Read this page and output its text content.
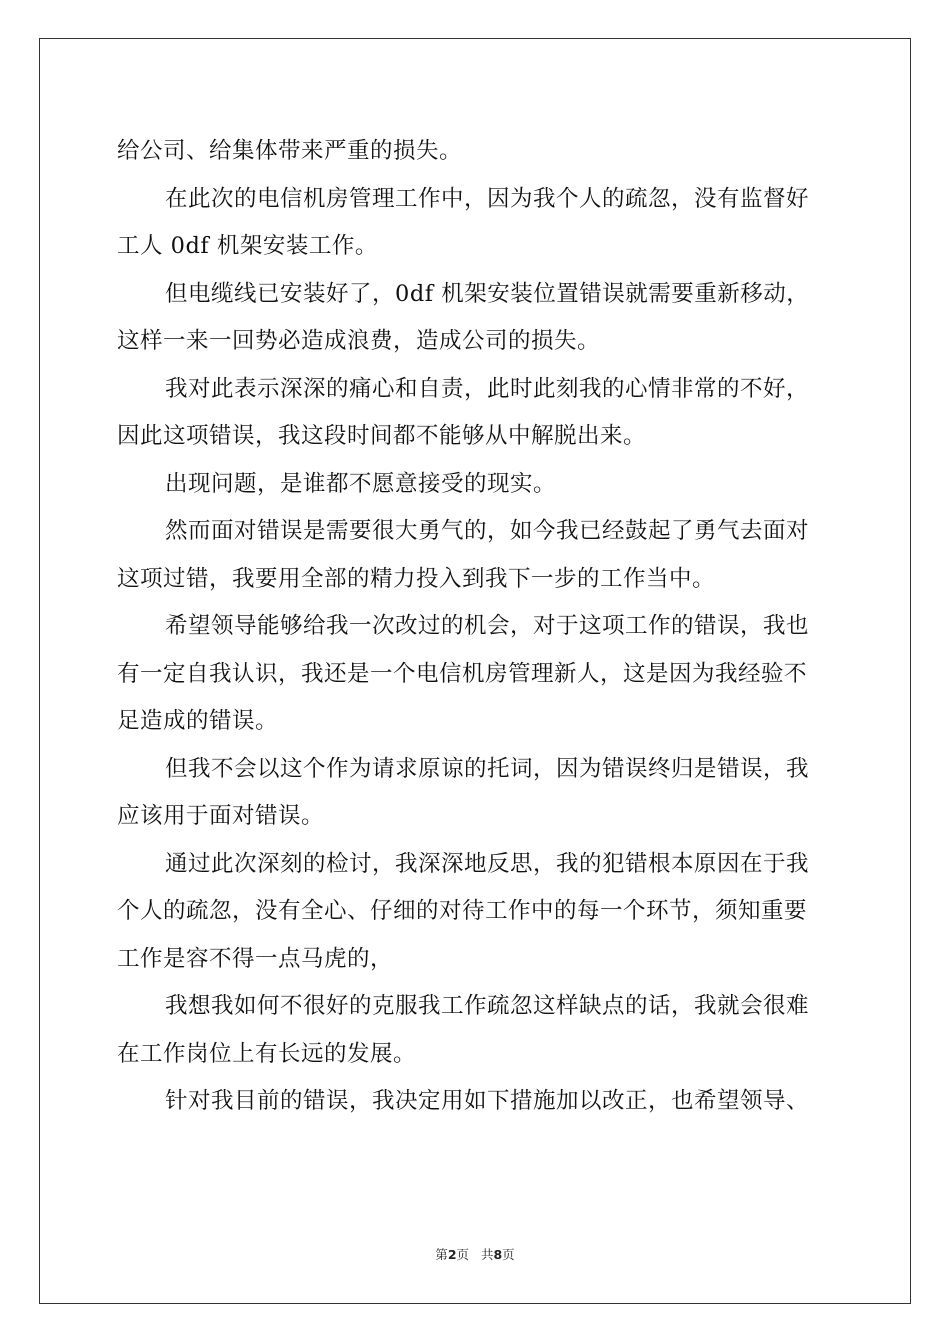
给公司、给集体带来严重的损失。
在此次的电信机房管理工作中，因为我个人的疏忽，没有监督好
工人 0df 机架安装工作。
但电缆线已安装好了，0df 机架安装位置错误就需要重新移动，
这样一来一回势必造成浪费，造成公司的损失。
我对此表示深深的痛心和自责，此时此刻我的心情非常的不好，
因此这项错误，我这段时间都不能够从中解脱出来。
出现问题，是谁都不愿意接受的现实。
然而面对错误是需要很大勇气的，如今我已经鼓起了勇气去面对
这项过错，我要用全部的精力投入到我下一步的工作当中。
希望领导能够给我一次改过的机会，对于这项工作的错误，我也
有一定自我认识，我还是一个电信机房管理新人，这是因为我经验不
足造成的错误。
但我不会以这个作为请求原谅的托词，因为错误终归是错误，我
应该用于面对错误。
通过此次深刻的检讨，我深深地反思，我的犯错根本原因在于我
个人的疏忽，没有全心、仔细的对待工作中的每一个环节，须知重要
工作是容不得一点马虎的，
我想我如何不很好的克服我工作疏忽这样缺点的话，我就会很难
在工作岗位上有长远的发展。
针对我目前的错误，我决定用如下措施加以改正，也希望领导、
第2页 共8页
